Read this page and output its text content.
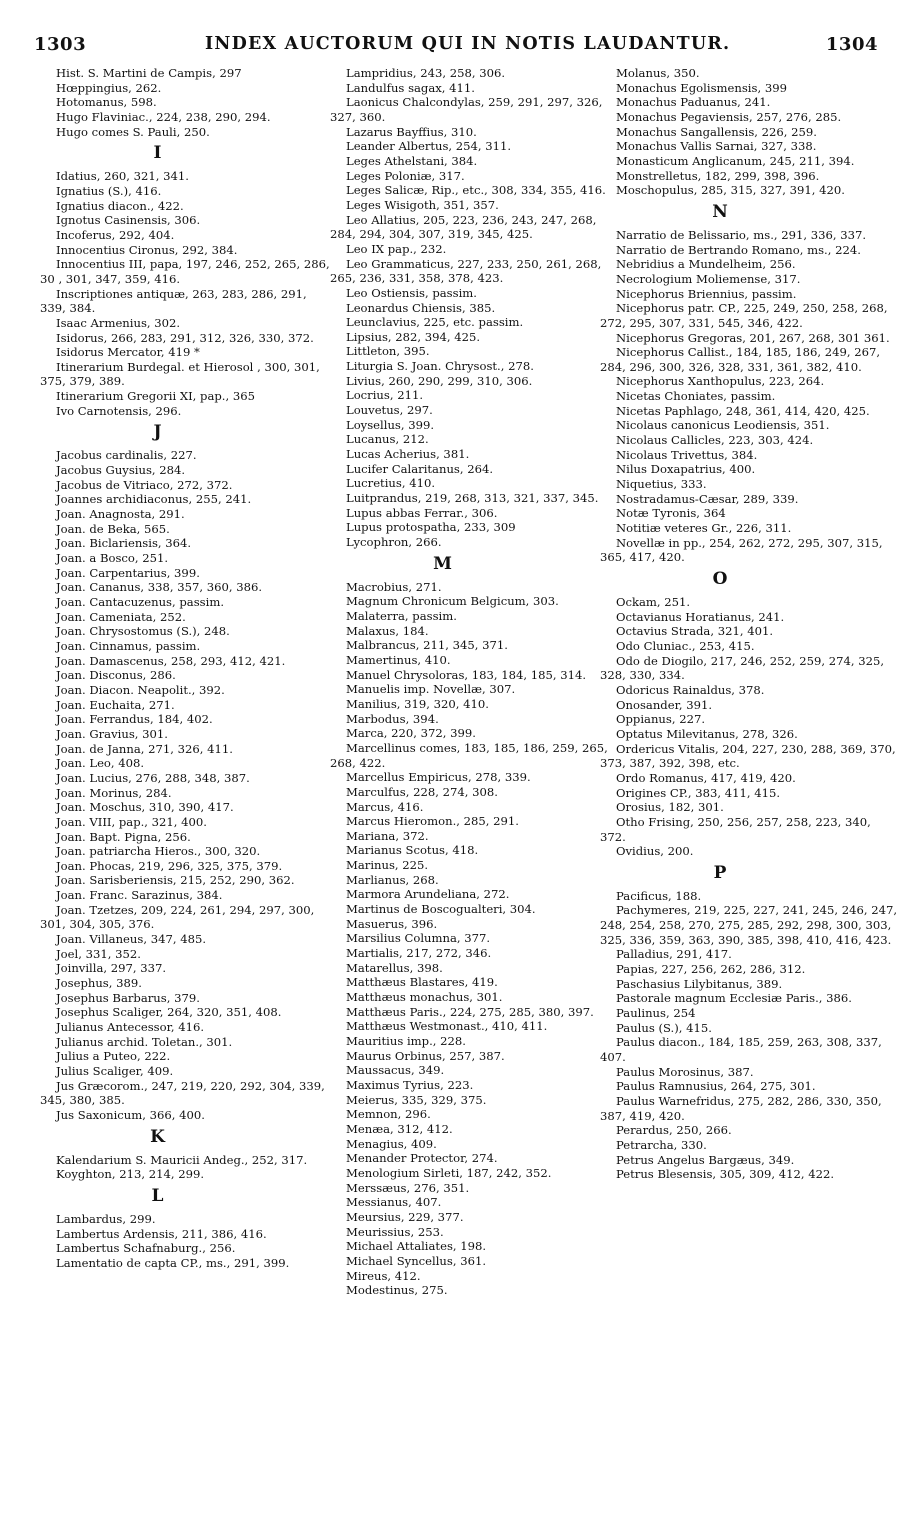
1303	INDEX AUCTORUM QUI IN NOTIS LAUDANTUR.	1304
Hist. S. Martini de Campis, 297
Hœppingius, 262.
Hotomanus, 598.
Hugo Flaviniac., 224, 238, 290, 294.
Hugo comes S. Pauli, 250.
I
Idatius, 260, 321, 341.
Ignatius (S.), 416.
Ignatius diacon., 422.
Ignotus Casinensis, 306.
Incoferus, 292, 404.
Innocentius Cironus, 292, 384.
Innocentius III, papa, 197, 246, 252, 265, 286, 30 , 301, 347, 359, 416.
Inscriptiones antiquæ, 263, 283, 286, 291, 339, 384.
Isaac Armenius, 302.
Isidorus, 266, 283, 291, 312, 326, 330, 372.
Isidorus Mercator, 419 *
Itinerarium Burdegal. et Hierosol , 300, 301, 375, 379, 389.
Itinerarium Gregorii XI, pap., 365
Ivo Carnotensis, 296.
J
Jacobus cardinalis, 227.
Jacobus Guysius, 284.
Jacobus de Vitriaco, 272, 372.
Joannes archidiaconus, 255, 241.
Joan. Anagnosta, 291.
Joan. de Beka, 565.
Joan. Biclariensis, 364.
Joan. a Bosco, 251.
Joan. Carpentarius, 399.
Joan. Cananus, 338, 357, 360, 386.
Joan. Cantacuzenus, passim.
Joan. Cameniata, 252.
Joan. Chrysostomus (S.), 248.
Joan. Cinnamus, passim.
Joan. Damascenus, 258, 293, 412, 421.
Joan. Disconus, 286.
Joan. Diacon. Neapolit., 392.
Joan. Euchaita, 271.
Joan. Ferrandus, 184, 402.
Joan. Gravius, 301.
Joan. de Janna, 271, 326, 411.
Joan. Leo, 408.
Joan. Lucius, 276, 288, 348, 387.
Joan. Morinus, 284.
Joan. Moschus, 310, 390, 417.
Joan. VIII, pap., 321, 400.
Joan. Bapt. Pigna, 256.
Joan. patriarcha Hieros., 300, 320.
Joan. Phocas, 219, 296, 325, 375, 379.
Joan. Sarisberiensis, 215, 252, 290, 362.
Joan. Franc. Sarazinus, 384.
Joan. Tzetzes, 209, 224, 261, 294, 297, 300, 301, 304, 305, 376.
Joan. Villaneus, 347, 485.
Joel, 331, 352.
Joinvilla, 297, 337.
Josephus, 389.
Josephus Barbarus, 379.
Josephus Scaliger, 264, 320, 351, 408.
Julianus Antecessor, 416.
Julianus archid. Toletan., 301.
Julius a Puteo, 222.
Julius Scaliger, 409.
Jus Græcorom., 247, 219, 220, 292, 304, 339, 345, 380, 385.
Jus Saxonicum, 366, 400.
K
Kalendarium S. Mauricii Andeg., 252, 317.
Koyghton, 213, 214, 299.
L
Lambardus, 299.
Lambertus Ardensis, 211, 386, 416.
Lambertus Schafnaburg., 256.
Lamentatio de capta CP., ms., 291, 399.
Lampridius, 243, 258, 306.
Landulfus sagax, 411.
Laonicus Chalcondylas, 259, 291, 297, 326, 327, 360.
Lazarus Bayffius, 310.
Leander Albertus, 254, 311.
Leges Athelstani, 384.
Leges Poloniæ, 317.
Leges Salicæ, Rip., etc., 308, 334, 355, 416.
Leges Wisigoth, 351, 357.
Leo Allatius, 205, 223, 236, 243, 247, 268, 284, 294, 304, 307, 319, 345, 425.
Leo IX pap., 232.
Leo Grammaticus, 227, 233, 250, 261, 268, 265, 236, 331, 358, 378, 423.
Leo Ostiensis, passim.
Leonardus Chiensis, 385.
Leunclavius, 225, etc. passim.
Lipsius, 282, 394, 425.
Littleton, 395.
Liturgia S. Joan. Chrysost., 278.
Livius, 260, 290, 299, 310, 306.
Locrius, 211.
Louvetus, 297.
Loysellus, 399.
Lucanus, 212.
Lucas Acherius, 381.
Lucifer Calaritanus, 264.
Lucretius, 410.
Luitprandus, 219, 268, 313, 321, 337, 345.
Lupus abbas Ferrar., 306.
Lupus protospatha, 233, 309
Lycophron, 266.
M
Macrobius, 271.
Magnum Chronicum Belgicum, 303.
Malaterra, passim.
Malaxus, 184.
Malbrancus, 211, 345, 371.
Mamertinus, 410.
Manuel Chrysoloras, 183, 184, 185, 314.
Manuelis imp. Novellæ, 307.
Manilius, 319, 320, 410.
Marbodus, 394.
Marca, 220, 372, 399.
Marcellinus comes, 183, 185, 186, 259, 265, 268, 422.
Marcellus Empiricus, 278, 339.
Marculfus, 228, 274, 308.
Marcus, 416.
Marcus Hieromon., 285, 291.
Mariana, 372.
Marianus Scotus, 418.
Marinus, 225.
Marlianus, 268.
Marmora Arundeliana, 272.
Martinus de Boscogualteri, 304.
Masuerus, 396.
Marsilius Columna, 377.
Martialis, 217, 272, 346.
Matarellus, 398.
Matthæus Blastares, 419.
Matthæus monachus, 301.
Matthæus Paris., 224, 275, 285, 380, 397.
Matthæus Westmonast., 410, 411.
Mauritius imp., 228.
Maurus Orbinus, 257, 387.
Maussacus, 349.
Maximus Tyrius, 223.
Meierus, 335, 329, 375.
Memnon, 296.
Menæa, 312, 412.
Menagius, 409.
Menander Protector, 274.
Menologium Sirleti, 187, 242, 352.
Merssæus, 276, 351.
Messianus, 407.
Meursius, 229, 377.
Meurissius, 253.
Michael Attaliates, 198.
Michael Syncellus, 361.
Mireus, 412.
Modestinus, 275.
Molanus, 350.
Monachus Egolismensis, 399
Monachus Paduanus, 241.
Monachus Pegaviensis, 257, 276, 285.
Monachus Sangallensis, 226, 259.
Monachus Vallis Sarnai, 327, 338.
Monasticum Anglicanum, 245, 211, 394.
Monstrelletus, 182, 299, 398, 396.
Moschopulus, 285, 315, 327, 391, 420.
N
Narratio de Belissario, ms., 291, 336, 337.
Narratio de Bertrando Romano, ms., 224.
Nebridius a Mundelheim, 256.
Necrologium Moliemense, 317.
Nicephorus Briennius, passim.
Nicephorus patr. CP., 225, 249, 250, 258, 268, 272, 295, 307, 331, 545, 346, 422.
Nicephorus Gregoras, 201, 267, 268, 301 361.
Nicephorus Callist., 184, 185, 186, 249, 267, 284, 296, 300, 326, 328, 331, 361, 382, 410.
Nicephorus Xanthopulus, 223, 264.
Nicetas Choniates, passim.
Nicetas Paphlago, 248, 361, 414, 420, 425.
Nicolaus canonicus Leodiensis, 351.
Nicolaus Callicles, 223, 303, 424.
Nicolaus Trivettus, 384.
Nilus Doxapatrius, 400.
Niquetius, 333.
Nostradamus-Cæsar, 289, 339.
Notæ Tyronis, 364
Notitiæ veteres Gr., 226, 311.
Novellæ in pp., 254, 262, 272, 295, 307, 315, 365, 417, 420.
O
Ockam, 251.
Octavianus Horatianus, 241.
Octavius Strada, 321, 401.
Odo Cluniac., 253, 415.
Odo de Diogilo, 217, 246, 252, 259, 274, 325, 328, 330, 334.
Odoricus Rainaldus, 378.
Onosander, 391.
Oppianus, 227.
Optatus Milevitanus, 278, 326.
Ordericus Vitalis, 204, 227, 230, 288, 369, 370, 373, 387, 392, 398, etc.
Ordo Romanus, 417, 419, 420.
Origines CP., 383, 411, 415.
Orosius, 182, 301.
Otho Frising, 250, 256, 257, 258, 223, 340, 372.
Ovidius, 200.
P
Pacificus, 188.
Pachymeres, 219, 225, 227, 241, 245, 246, 247, 248, 254, 258, 270, 275, 285, 292, 298, 300, 303, 325, 336, 359, 363, 390, 385, 398, 410, 416, 423.
Palladius, 291, 417.
Papias, 227, 256, 262, 286, 312.
Paschasius Lilybitanus, 389.
Pastorale magnum Ecclesiæ Paris., 386.
Paulinus, 254
Paulus (S.), 415.
Paulus diacon., 184, 185, 259, 263, 308, 337, 407.
Paulus Morosinus, 387.
Paulus Ramnusius, 264, 275, 301.
Paulus Warnefridus, 275, 282, 286, 330, 350, 387, 419, 420.
Perardus, 250, 266.
Petrarcha, 330.
Petrus Angelus Bargæus, 349.
Petrus Blesensis, 305, 309, 412, 422.
